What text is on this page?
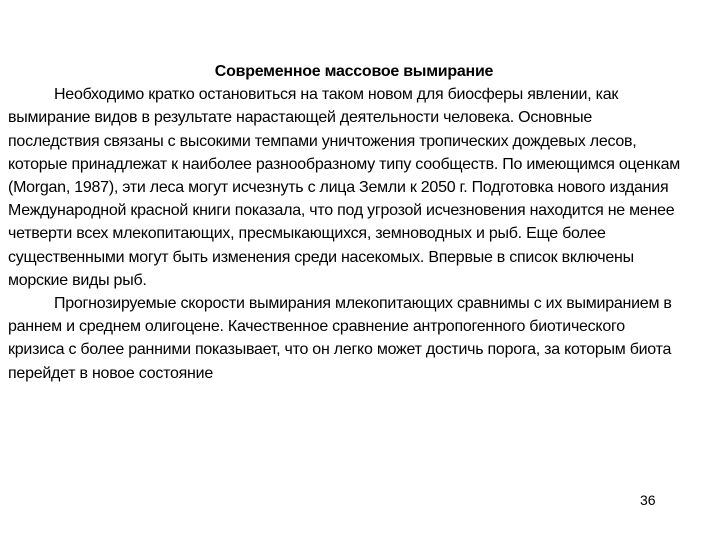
Современное массовое вымирание

Необходимо кратко остановиться на таком новом для биосферы явлении, как вымирание видов в результате нарастающей деятельности человека. Основные последствия связаны с высокими темпами уничтожения тропических дождевых лесов, которые принадлежат к наиболее разнообразному типу сообществ. По имеющимся оценкам (Morgan, 1987), эти леса могут исчезнуть с лица Земли к 2050 г. Подготовка нового издания Международной красной книги показала, что под угрозой исчезновения находится не менее четверти всех млекопитающих, пресмыкающихся, земноводных и рыб. Еще более существенными могут быть изменения среди насекомых. Впервые в список включены морские виды рыб.

Прогнозируемые скорости вымирания млекопитающих сравнимы с их вымиранием в раннем и среднем олигоцене. Качественное сравнение антропогенного биотического кризиса с более ранними показывает, что он легко может достичь порога, за которым биота перейдет в новое состояние

36
